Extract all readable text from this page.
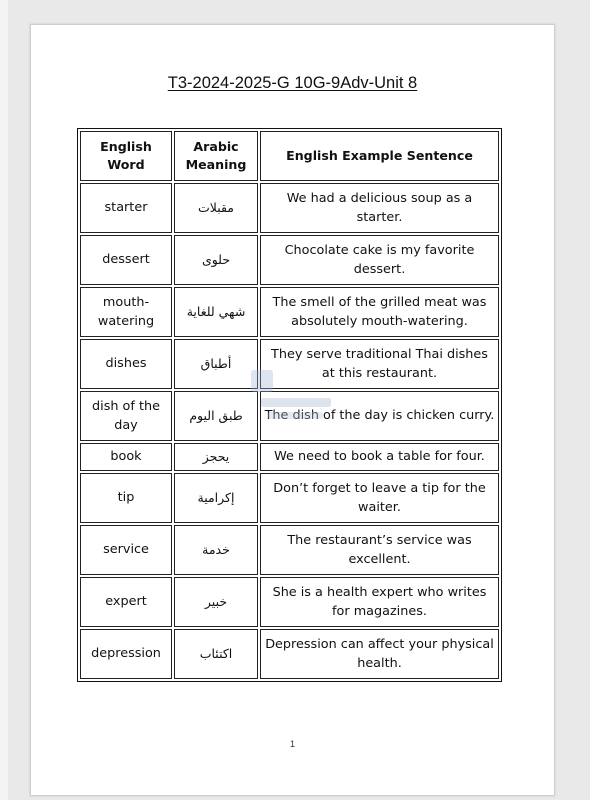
T3-2024-2025-G 10G-9Adv-Unit 8
English Word	Arabic Meaning	English Example Sentence
starter	مقبلات	We had a delicious soup as a starter.
dessert	حلوى	Chocolate cake is my favorite dessert.
mouth-watering	شهي للغاية	The smell of the grilled meat was absolutely mouth-watering.
dishes	أطباق	They serve traditional Thai dishes at this restaurant.
dish of the day	طبق اليوم	The dish of the day is chicken curry.
book	يحجز	We need to book a table for four.
tip	إكرامية	Don’t forget to leave a tip for the waiter.
service	خدمة	The restaurant’s service was excellent.
expert	خبير	She is a health expert who writes for magazines.
depression	اكتئاب	Depression can affect your physical health.
1
